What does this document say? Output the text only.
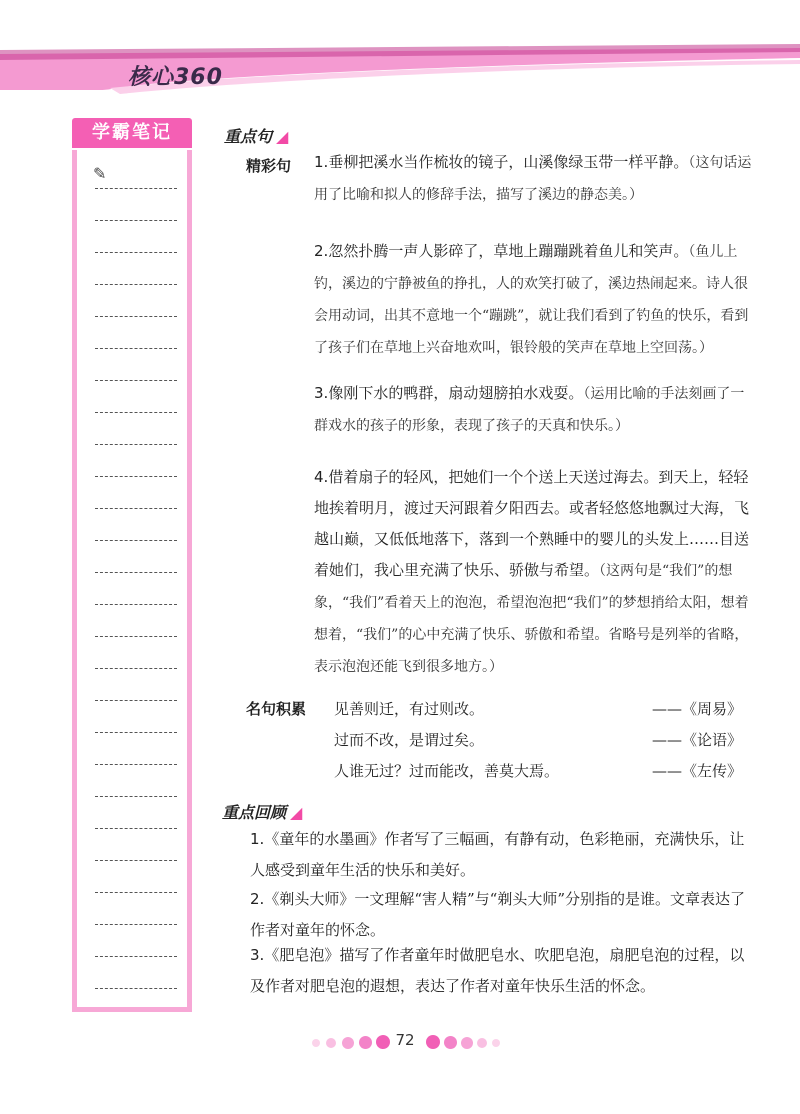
核心360
学霸笔记
✎
重点句 ◢
精彩句 1.垂柳把溪水当作梳妆的镜子，山溪像绿玉带一样平静。（这句话运用了比喻和拟人的修辞手法，描写了溪边的静态美。）
2.忽然扑腾一声人影碎了，草地上蹦蹦跳着鱼儿和笑声。（鱼儿上钓，溪边的宁静被鱼的挣扎，人的欢笑打破了，溪边热闹起来。诗人很会用动词，出其不意地一个“蹦跳”，就让我们看到了钓鱼的快乐，看到了孩子们在草地上兴奋地欢叫，银铃般的笑声在草地上空回荡。）
3.像刚下水的鸭群，扇动翅膀拍水戏耍。（运用比喻的手法刻画了一群戏水的孩子的形象，表现了孩子的天真和快乐。）
4.借着扇子的轻风，把她们一个个送上天送过海去。到天上，轻轻地挨着明月，渡过天河跟着夕阳西去。或者轻悠悠地飘过大海，飞越山巅，又低低地落下，落到一个熟睡中的婴儿的头发上……目送着她们，我心里充满了快乐、骄傲与希望。（这两句是“我们”的想象，“我们”看着天上的泡泡，希望泡泡把“我们”的梦想捎给太阳，想着想着，“我们”的心中充满了快乐、骄傲和希望。省略号是列举的省略，表示泡泡还能飞到很多地方。）
名句积累 见善则迁，有过则改。	——《周易》
过而不改，是谓过矣。	——《论语》
人谁无过？过而能改，善莫大焉。	——《左传》
重点回顾 ◢
1.《童年的水墨画》作者写了三幅画，有静有动，色彩艳丽，充满快乐，让人感受到童年生活的快乐和美好。
2.《剃头大师》一文理解“害人精”与“剃头大师”分别指的是谁。文章表达了作者对童年的怀念。
3.《肥皂泡》描写了作者童年时做肥皂水、吹肥皂泡，扇肥皂泡的过程，以及作者对肥皂泡的遐想，表达了作者对童年快乐生活的怀念。
72
